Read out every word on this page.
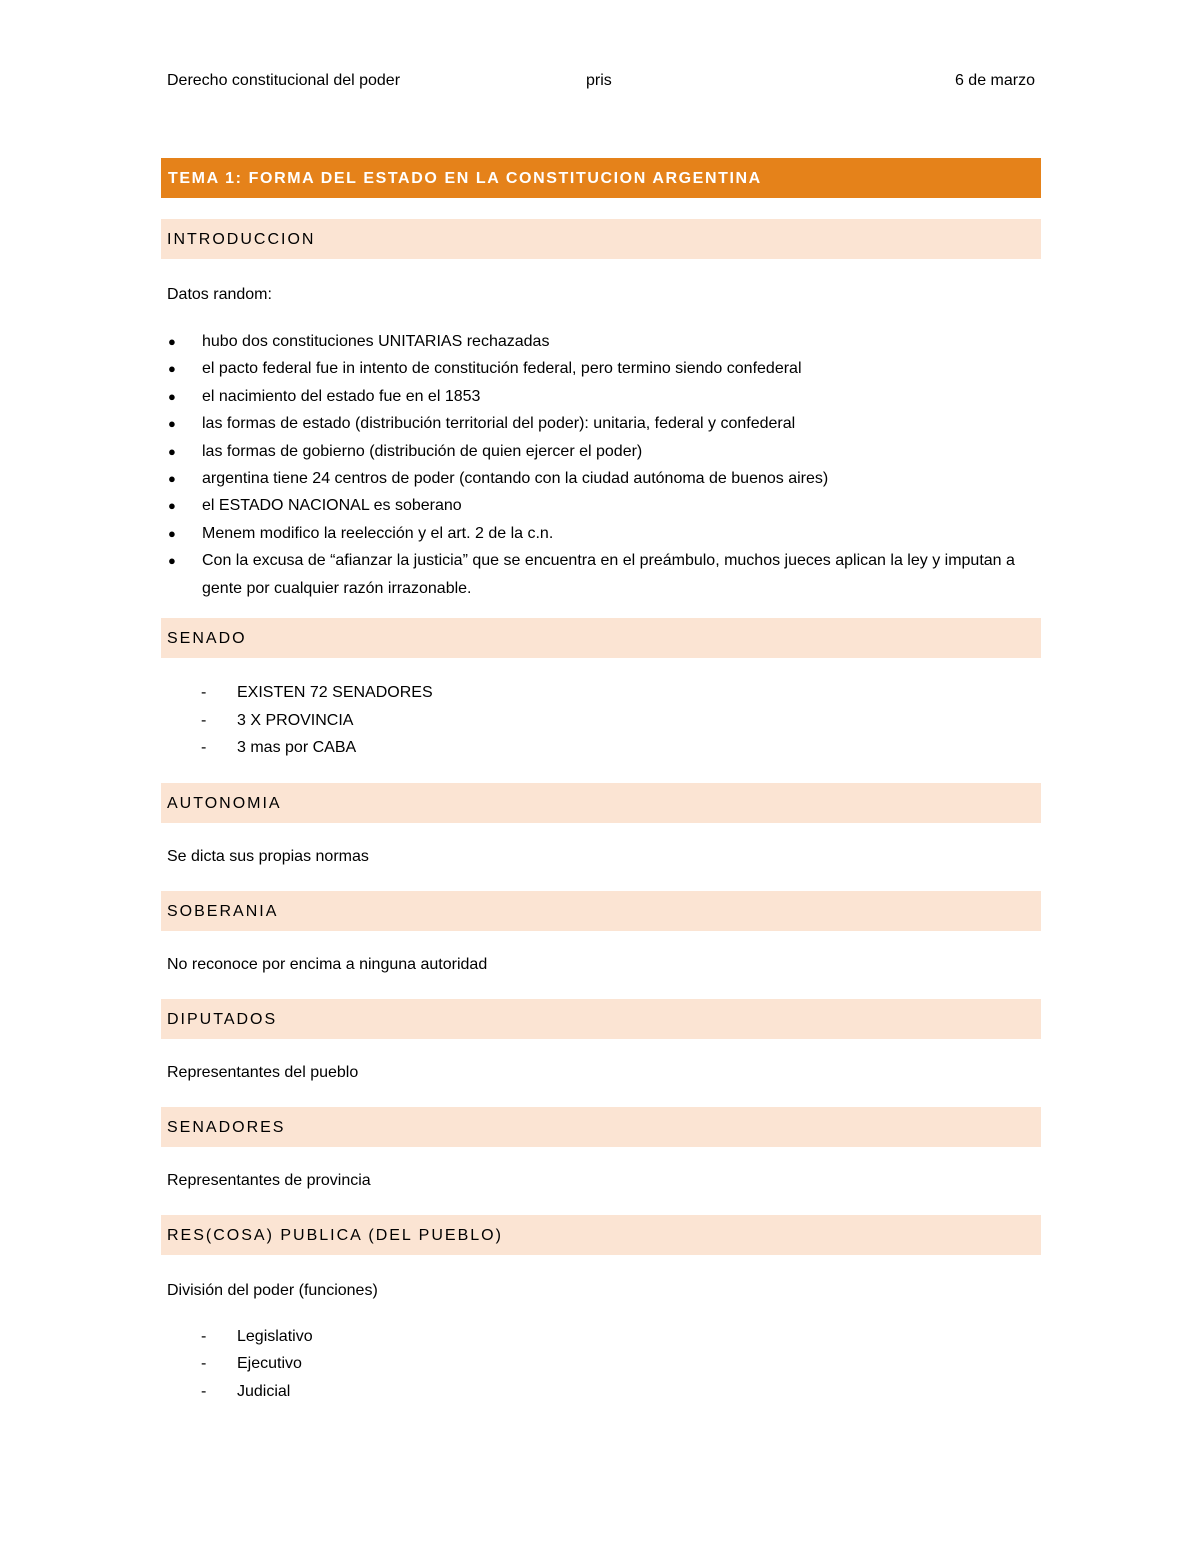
Derecho constitucional del poder	pris	6 de marzo
TEMA 1: FORMA DEL ESTADO EN LA CONSTITUCION ARGENTINA
INTRODUCCION

Datos random:

● hubo dos constituciones UNITARIAS rechazadas
● el pacto federal fue in intento de constitución federal, pero termino siendo confederal
● el nacimiento del estado fue en el 1853
● las formas de estado (distribución territorial del poder): unitaria, federal y confederal
● las formas de gobierno (distribución de quien ejercer el poder)
● argentina tiene 24 centros de poder (contando con la ciudad autónoma de buenos aires)
● el ESTADO NACIONAL es soberano
● Menem modifico la reelección y el art. 2 de la c.n.
● Con la excusa de “afianzar la justicia” que se encuentra en el preámbulo, muchos jueces aplican la ley y imputan a gente por cualquier razón irrazonable.
SENADO
- EXISTEN 72 SENADORES
- 3 X PROVINCIA
- 3 mas por CABA
AUTONOMIA

Se dicta sus propias normas

SOBERANIA

No reconoce por encima a ninguna autoridad

DIPUTADOS

Representantes del pueblo

SENADORES

Representantes de provincia

RES(COSA) PUBLICA (DEL PUEBLO)

División del poder (funciones)

- Legislativo
- Ejecutivo
- Judicial
